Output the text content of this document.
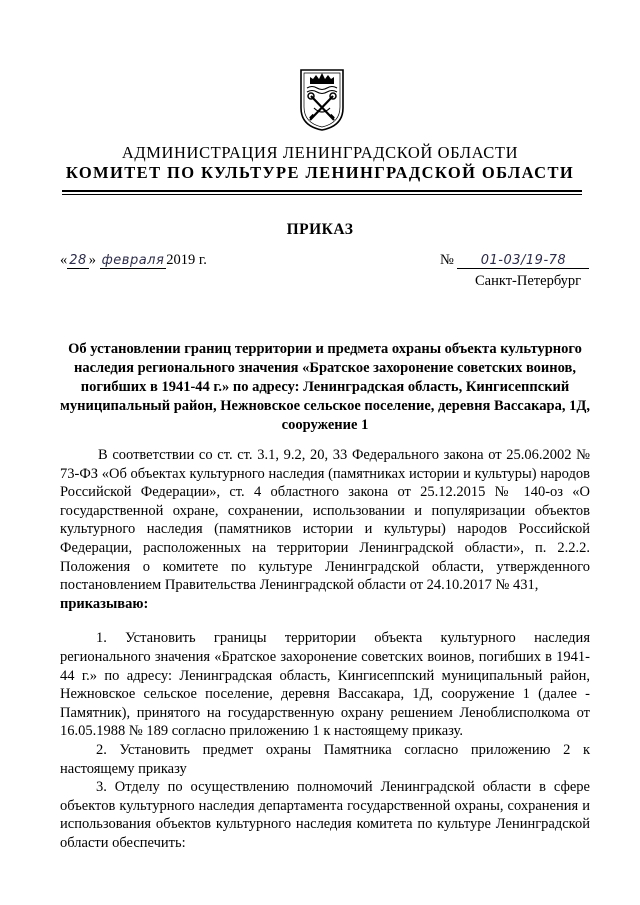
АДМИНИСТРАЦИЯ ЛЕНИНГРАДСКОЙ ОБЛАСТИ
КОМИТЕТ ПО КУЛЬТУРЕ ЛЕНИНГРАДСКОЙ ОБЛАСТИ
ПРИКАЗ
« 28 » февраля 2019 г.	№ 01-03/19-78
Санкт-Петербург
Об установлении границ территории и предмета охраны объекта культурного наследия регионального значения «Братское захоронение советских воинов, погибших в 1941-44 г.» по адресу: Ленинградская область, Кингисеппский муниципальный район, Нежновское сельское поселение, деревня Вассакара, 1Д, сооружение 1

В соответствии со ст. ст. 3.1, 9.2, 20, 33 Федерального закона от 25.06.2002 № 73-ФЗ «Об объектах культурного наследия (памятниках истории и культуры) народов Российской Федерации», ст. 4 областного закона от 25.12.2015 № 140-оз «О государственной охране, сохранении, использовании и популяризации объектов культурного наследия (памятников истории и культуры) народов Российской Федерации, расположенных на территории Ленинградской области», п. 2.2.2. Положения о комитете по культуре Ленинградской области, утвержденного постановлением Правительства Ленинградской области от 24.10.2017 № 431,

приказываю:

1. Установить границы территории объекта культурного наследия регионального значения «Братское захоронение советских воинов, погибших в 1941-44 г.» по адресу: Ленинградская область, Кингисеппский муниципальный район, Нежновское сельское поселение, деревня Вассакара, 1Д, сооружение 1 (далее - Памятник), принятого на государственную охрану решением Леноблисполкома от 16.05.1988 № 189 согласно приложению 1 к настоящему приказу.

2. Установить предмет охраны Памятника согласно приложению 2 к настоящему приказу

3. Отделу по осуществлению полномочий Ленинградской области в сфере объектов культурного наследия департамента государственной охраны, сохранения и использования объектов культурного наследия комитета по культуре Ленинградской области обеспечить:
